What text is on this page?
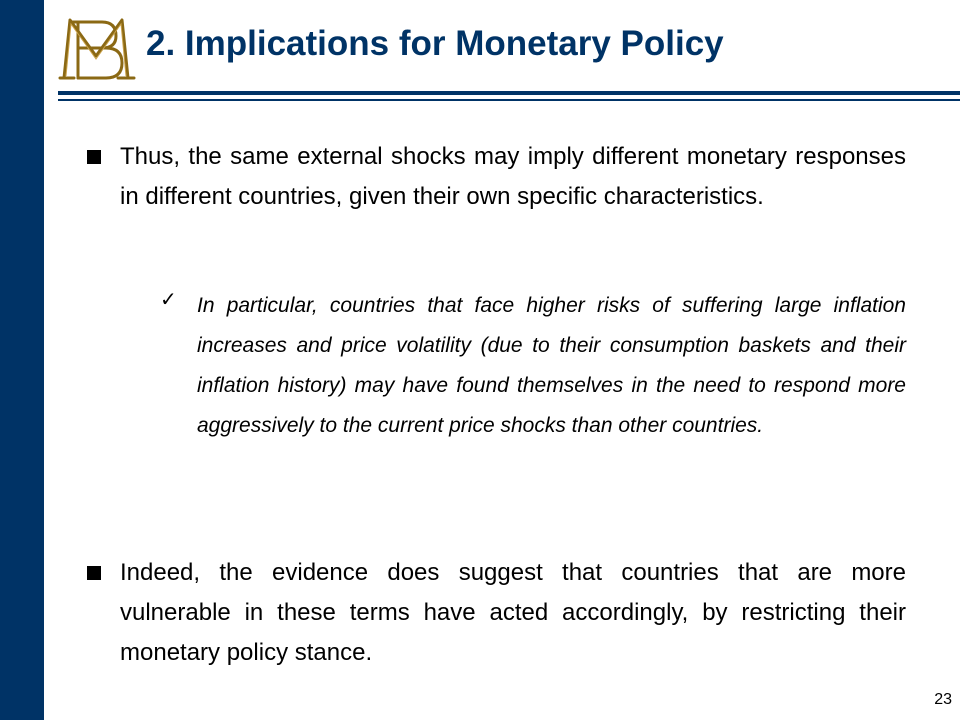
2. Implications for Monetary Policy
Thus, the same external shocks may imply different monetary responses in different countries, given their own specific characteristics.
✓ In particular, countries that face higher risks of suffering large inflation increases and price volatility (due to their consumption baskets and their inflation history) may have found themselves in the need to respond more aggressively to the current price shocks than other countries.
Indeed, the evidence does suggest that countries that are more vulnerable in these terms have acted accordingly, by restricting their monetary policy stance.
23
